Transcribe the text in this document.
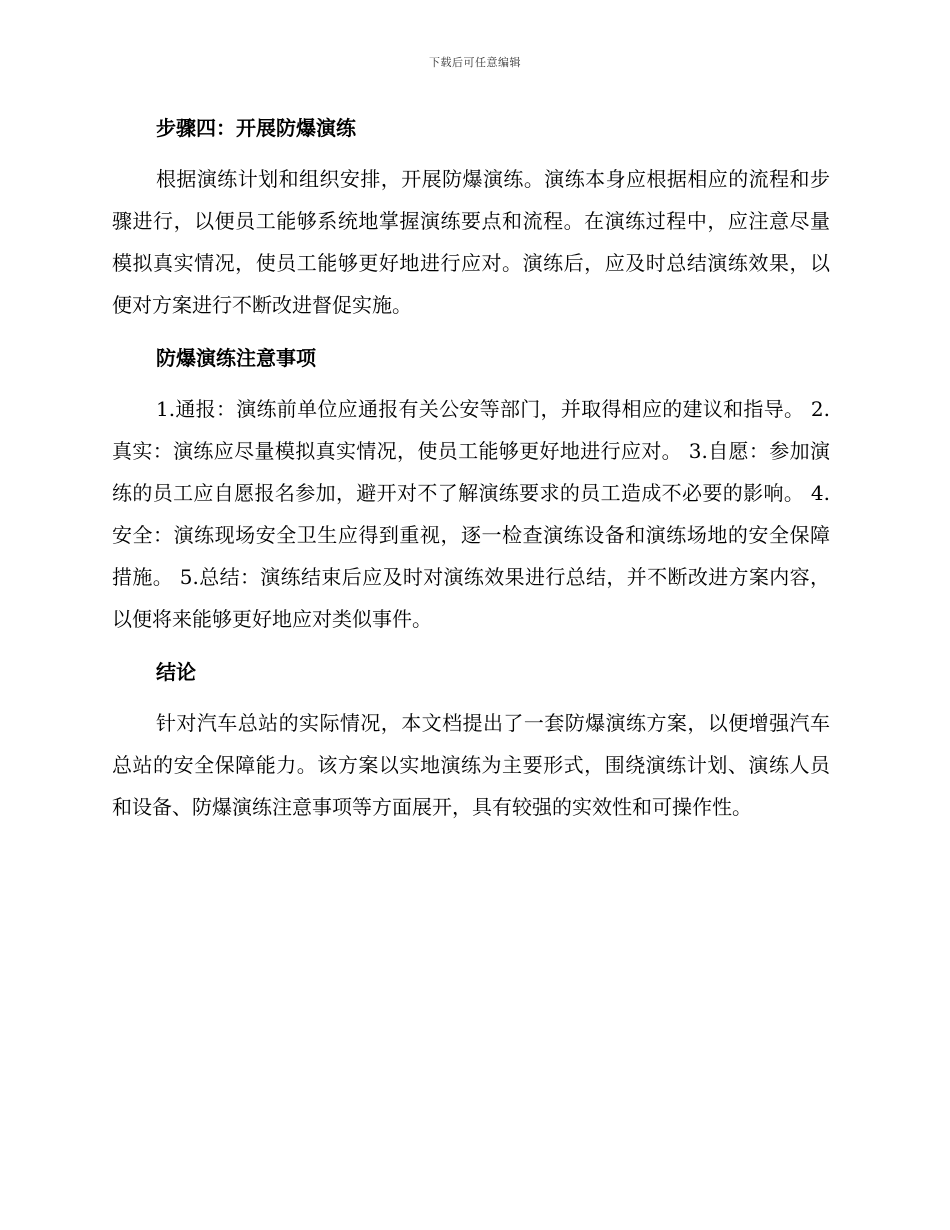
下载后可任意编辑
步骤四：开展防爆演练

根据演练计划和组织安排，开展防爆演练。演练本身应根据相应的流程和步骤进行，以便员工能够系统地掌握演练要点和流程。在演练过程中，应注意尽量模拟真实情况，使员工能够更好地进行应对。演练后，应及时总结演练效果，以便对方案进行不断改进督促实施。

防爆演练注意事项

1.通报：演练前单位应通报有关公安等部门，并取得相应的建议和指导。 2.真实：演练应尽量模拟真实情况，使员工能够更好地进行应对。 3.自愿：参加演练的员工应自愿报名参加，避开对不了解演练要求的员工造成不必要的影响。 4.安全：演练现场安全卫生应得到重视，逐一检查演练设备和演练场地的安全保障措施。 5.总结：演练结束后应及时对演练效果进行总结，并不断改进方案内容，以便将来能够更好地应对类似事件。

结论

针对汽车总站的实际情况，本文档提出了一套防爆演练方案，以便增强汽车总站的安全保障能力。该方案以实地演练为主要形式，围绕演练计划、演练人员和设备、防爆演练注意事项等方面展开，具有较强的实效性和可操作性。
